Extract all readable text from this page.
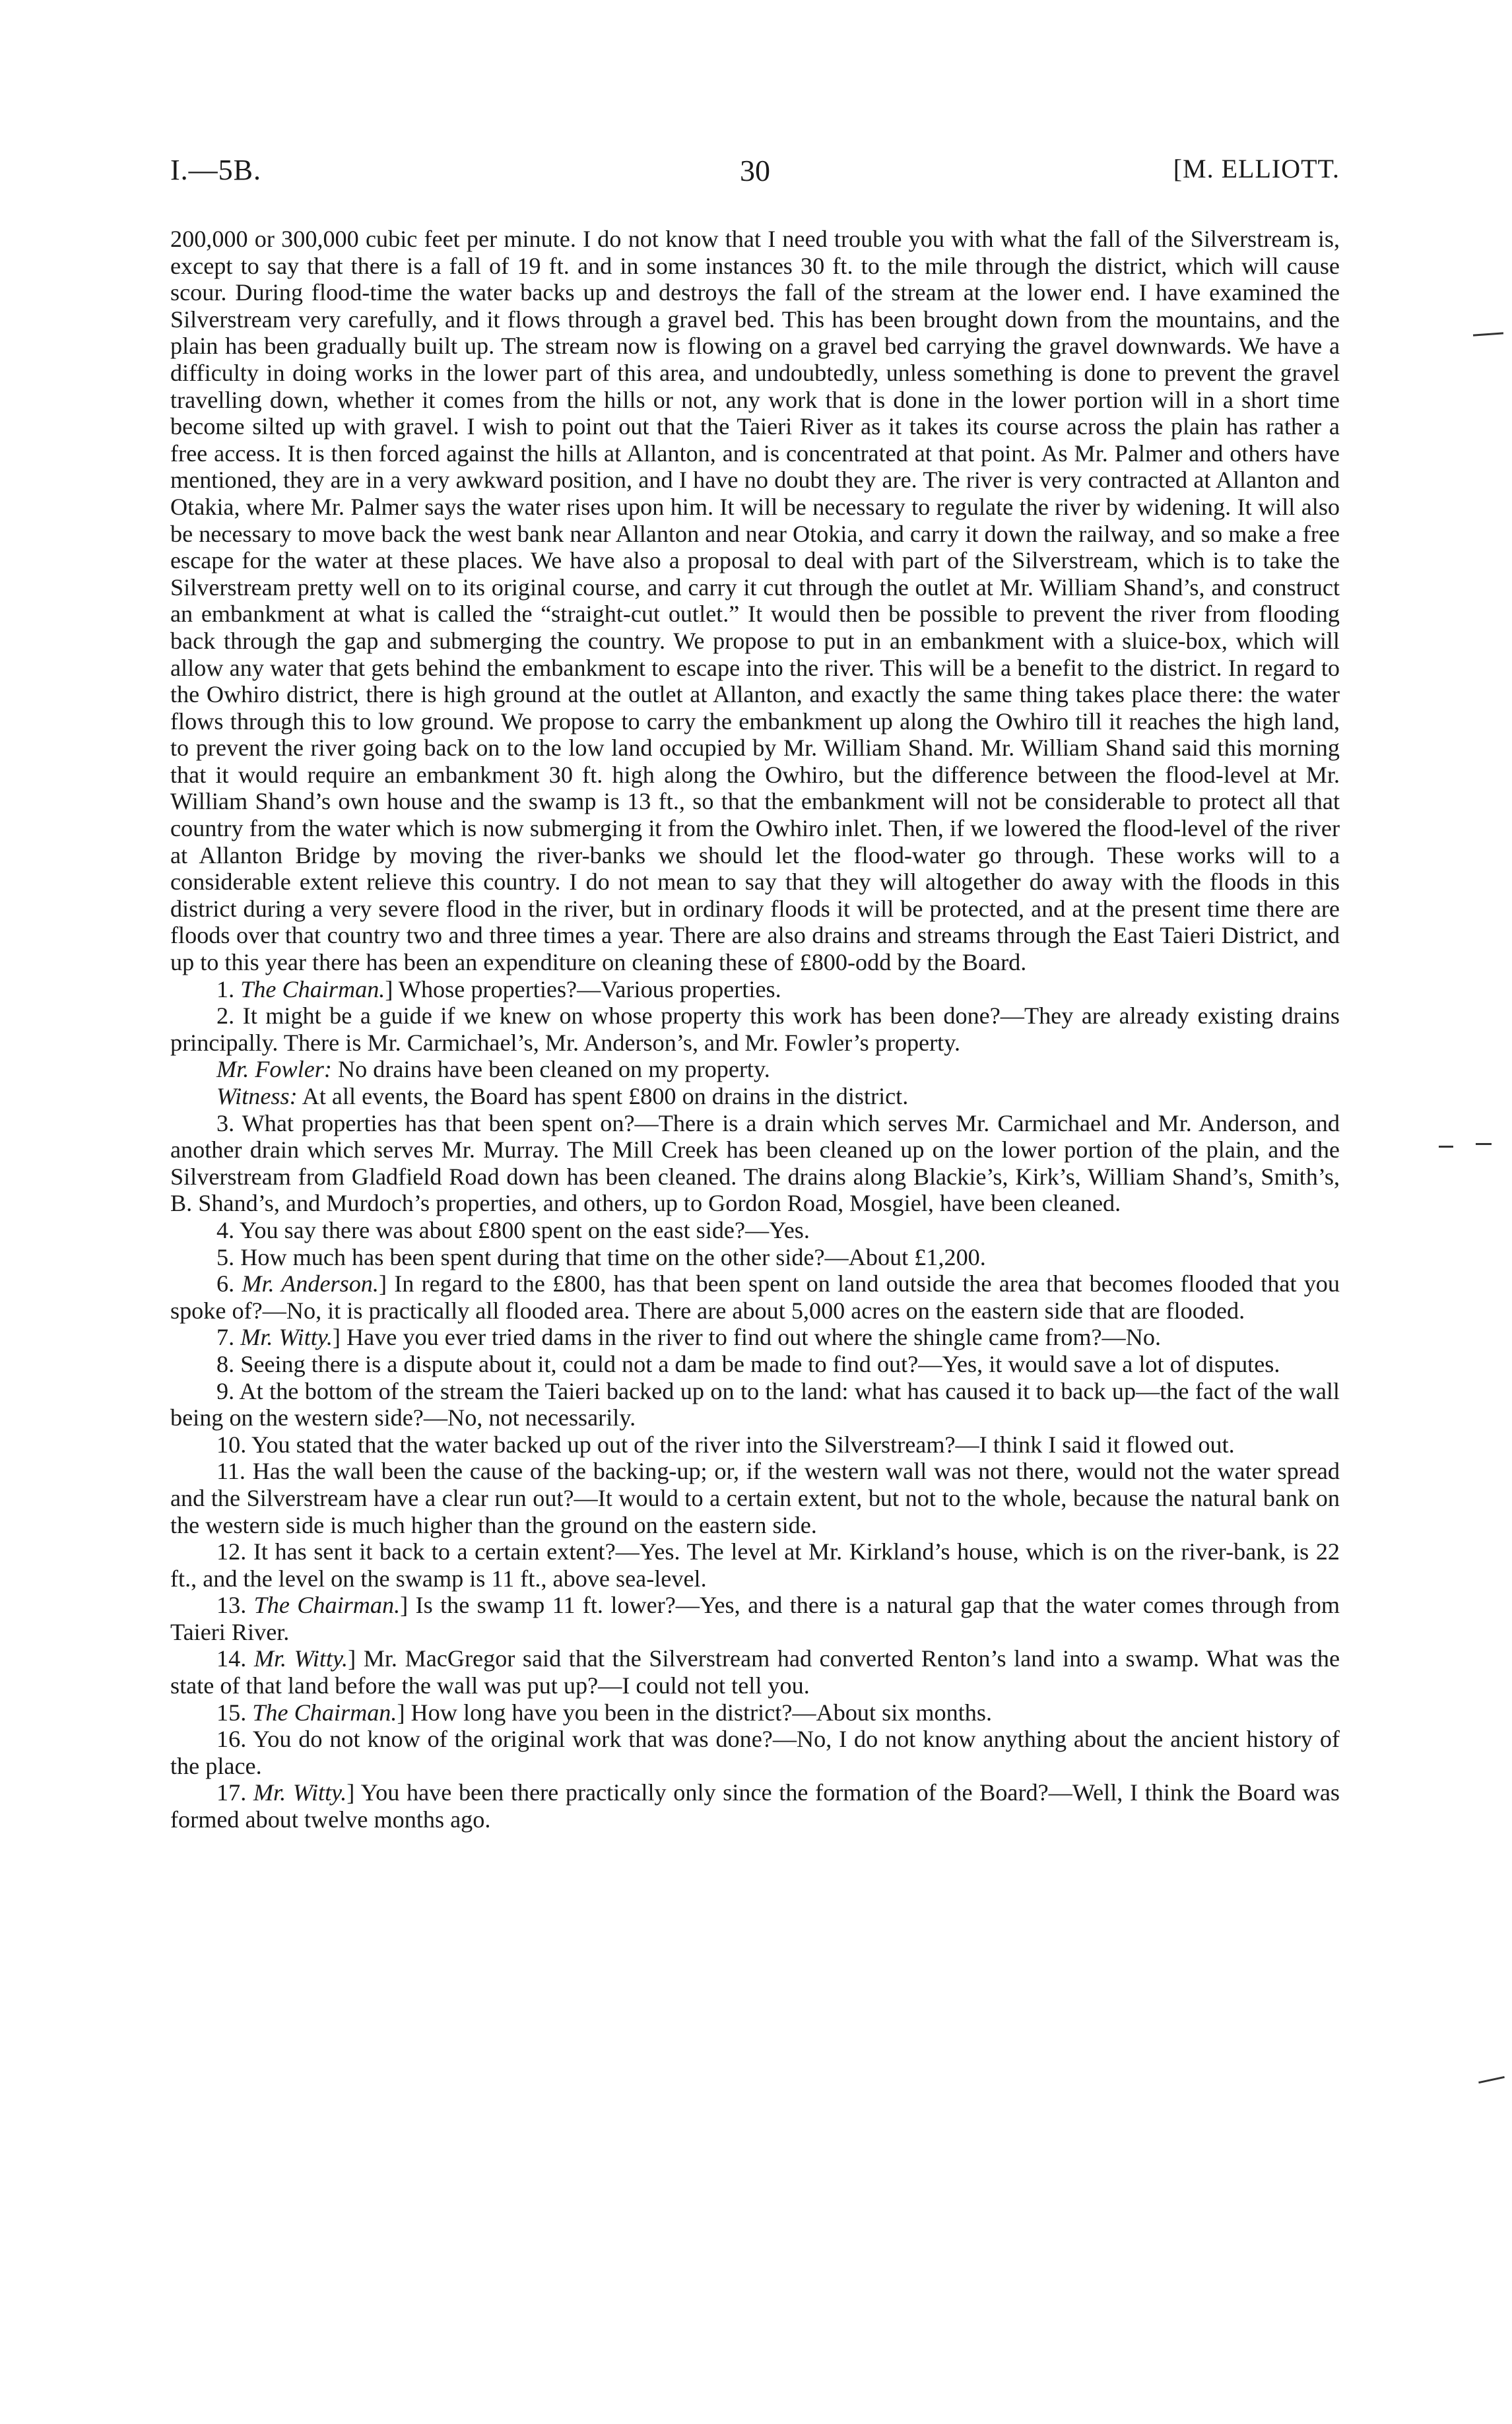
I.—5B.	30	[M. ELLIOTT.

200,000 or 300,000 cubic feet per minute. I do not know that I need trouble you with what the fall of the Silverstream is, except to say that there is a fall of 19 ft. and in some instances 30 ft. to the mile through the district, which will cause scour. During flood-time the water backs up and destroys the fall of the stream at the lower end. I have examined the Silverstream very carefully, and it flows through a gravel bed. This has been brought down from the mountains, and the plain has been gradually built up. The stream now is flowing on a gravel bed carrying the gravel downwards. We have a difficulty in doing works in the lower part of this area, and undoubtedly, unless something is done to prevent the gravel travelling down, whether it comes from the hills or not, any work that is done in the lower portion will in a short time become silted up with gravel. I wish to point out that the Taieri River as it takes its course across the plain has rather a free access. It is then forced against the hills at Allanton, and is concentrated at that point. As Mr. Palmer and others have mentioned, they are in a very awkward position, and I have no doubt they are. The river is very contracted at Allanton and Otakia, where Mr. Palmer says the water rises upon him. It will be necessary to regulate the river by widening. It will also be necessary to move back the west bank near Allanton and near Otokia, and carry it down the railway, and so make a free escape for the water at these places. We have also a proposal to deal with part of the Silverstream, which is to take the Silverstream pretty well on to its original course, and carry it cut through the outlet at Mr. William Shand’s, and construct an embankment at what is called the “straight-cut outlet.” It would then be possible to prevent the river from flooding back through the gap and submerging the country. We propose to put in an embankment with a sluice-box, which will allow any water that gets behind the embankment to escape into the river. This will be a benefit to the district. In regard to the Owhiro district, there is high ground at the outlet at Allanton, and exactly the same thing takes place there: the water flows through this to low ground. We propose to carry the embankment up along the Owhiro till it reaches the high land, to prevent the river going back on to the low land occupied by Mr. William Shand. Mr. William Shand said this morning that it would require an embankment 30 ft. high along the Owhiro, but the difference between the flood-level at Mr. William Shand’s own house and the swamp is 13 ft., so that the embankment will not be considerable to protect all that country from the water which is now submerging it from the Owhiro inlet. Then, if we lowered the flood-level of the river at Allanton Bridge by moving the river-banks we should let the flood-water go through. These works will to a considerable extent relieve this country. I do not mean to say that they will altogether do away with the floods in this district during a very severe flood in the river, but in ordinary floods it will be protected, and at the present time there are floods over that country two and three times a year. There are also drains and streams through the East Taieri District, and up to this year there has been an expenditure on cleaning these of £800-odd by the Board.

1. The Chairman.] Whose properties?—Various properties.

2. It might be a guide if we knew on whose property this work has been done?—They are already existing drains principally. There is Mr. Carmichael’s, Mr. Anderson’s, and Mr. Fowler’s property.

Mr. Fowler: No drains have been cleaned on my property.

Witness: At all events, the Board has spent £800 on drains in the district.

3. What properties has that been spent on?—There is a drain which serves Mr. Carmichael and Mr. Anderson, and another drain which serves Mr. Murray. The Mill Creek has been cleaned up on the lower portion of the plain, and the Silverstream from Gladfield Road down has been cleaned. The drains along Blackie’s, Kirk’s, William Shand’s, Smith’s, B. Shand’s, and Murdoch’s properties, and others, up to Gordon Road, Mosgiel, have been cleaned.

4. You say there was about £800 spent on the east side?—Yes.

5. How much has been spent during that time on the other side?—About £1,200.

6. Mr. Anderson.] In regard to the £800, has that been spent on land outside the area that becomes flooded that you spoke of?—No, it is practically all flooded area. There are about 5,000 acres on the eastern side that are flooded.

7. Mr. Witty.] Have you ever tried dams in the river to find out where the shingle came from?—No.

8. Seeing there is a dispute about it, could not a dam be made to find out?—Yes, it would save a lot of disputes.

9. At the bottom of the stream the Taieri backed up on to the land: what has caused it to back up—the fact of the wall being on the western side?—No, not necessarily.

10. You stated that the water backed up out of the river into the Silverstream?—I think I said it flowed out.

11. Has the wall been the cause of the backing-up; or, if the western wall was not there, would not the water spread and the Silverstream have a clear run out?—It would to a certain extent, but not to the whole, because the natural bank on the western side is much higher than the ground on the eastern side.

12. It has sent it back to a certain extent?—Yes. The level at Mr. Kirkland’s house, which is on the river-bank, is 22 ft., and the level on the swamp is 11 ft., above sea-level.

13. The Chairman.] Is the swamp 11 ft. lower?—Yes, and there is a natural gap that the water comes through from Taieri River.

14. Mr. Witty.] Mr. MacGregor said that the Silverstream had converted Renton’s land into a swamp. What was the state of that land before the wall was put up?—I could not tell you.

15. The Chairman.] How long have you been in the district?—About six months.

16. You do not know of the original work that was done?—No, I do not know anything about the ancient history of the place.

17. Mr. Witty.] You have been there practically only since the formation of the Board?—Well, I think the Board was formed about twelve months ago.
